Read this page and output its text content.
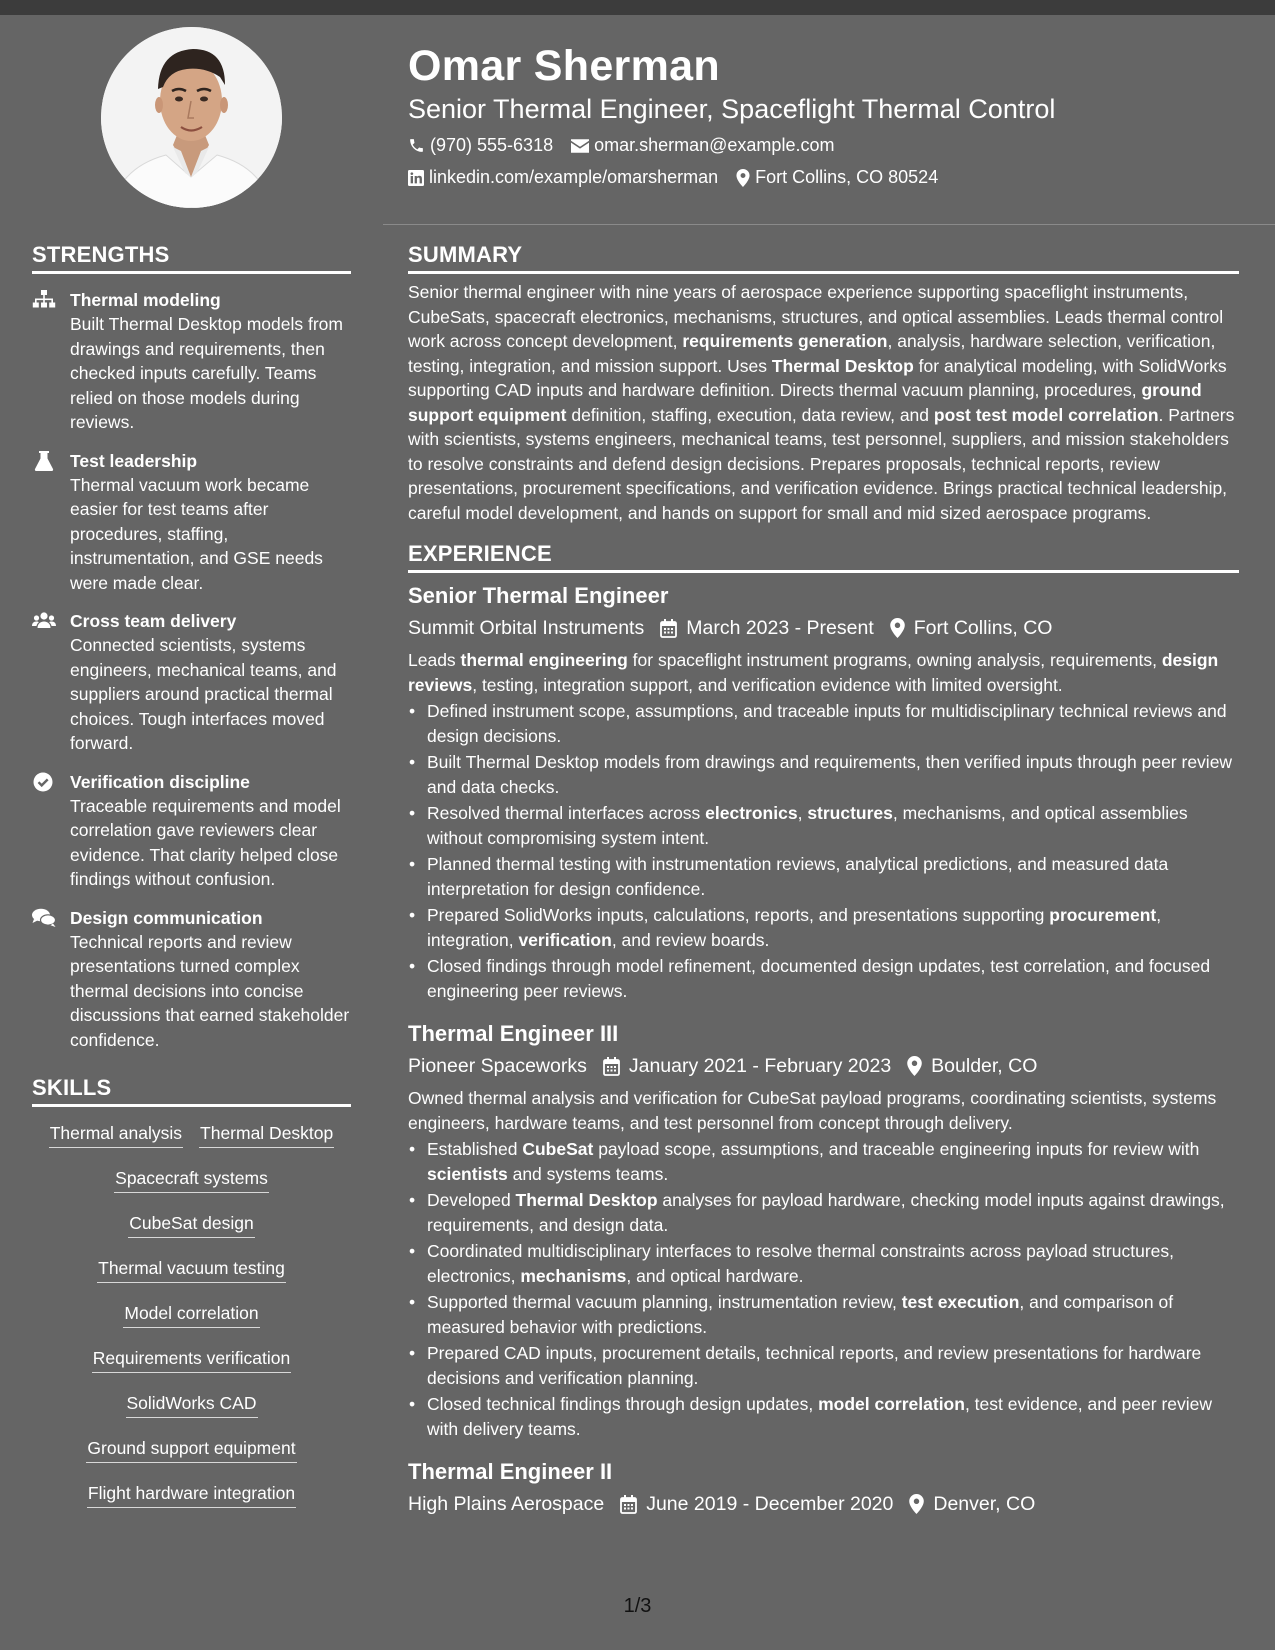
Omar Sherman
Senior Thermal Engineer, Spaceflight Thermal Control
(970) 555-6318 omar.sherman@example.com
linkedin.com/example/omarsherman Fort Collins, CO 80524
STRENGTHS
Thermal modeling
Built Thermal Desktop models from drawings and requirements, then checked inputs carefully. Teams relied on those models during reviews.
Test leadership
Thermal vacuum work became easier for test teams after procedures, staffing, instrumentation, and GSE needs were made clear.
Cross team delivery
Connected scientists, systems engineers, mechanical teams, and suppliers around practical thermal choices. Tough interfaces moved forward.
Verification discipline
Traceable requirements and model correlation gave reviewers clear evidence. That clarity helped close findings without confusion.
Design communication
Technical reports and review presentations turned complex thermal decisions into concise discussions that earned stakeholder confidence.
SKILLS
Thermal analysis Thermal Desktop
Spacecraft systems
CubeSat design
Thermal vacuum testing
Model correlation
Requirements verification
SolidWorks CAD
Ground support equipment
Flight hardware integration
SUMMARY
Senior thermal engineer with nine years of aerospace experience supporting spaceflight instruments, CubeSats, spacecraft electronics, mechanisms, structures, and optical assemblies. Leads thermal control work across concept development, requirements generation, analysis, hardware selection, verification, testing, integration, and mission support. Uses Thermal Desktop for analytical modeling, with SolidWorks supporting CAD inputs and hardware definition. Directs thermal vacuum planning, procedures, ground support equipment definition, staffing, execution, data review, and post test model correlation. Partners with scientists, systems engineers, mechanical teams, test personnel, suppliers, and mission stakeholders to resolve constraints and defend design decisions. Prepares proposals, technical reports, review presentations, procurement specifications, and verification evidence. Brings practical technical leadership, careful model development, and hands on support for small and mid sized aerospace programs.
EXPERIENCE
Senior Thermal Engineer
Summit Orbital Instruments March 2023 - Present Fort Collins, CO
Leads thermal engineering for spaceflight instrument programs, owning analysis, requirements, design reviews, testing, integration support, and verification evidence with limited oversight.
• Defined instrument scope, assumptions, and traceable inputs for multidisciplinary technical reviews and design decisions.
• Built Thermal Desktop models from drawings and requirements, then verified inputs through peer review and data checks.
• Resolved thermal interfaces across electronics, structures, mechanisms, and optical assemblies without compromising system intent.
• Planned thermal testing with instrumentation reviews, analytical predictions, and measured data interpretation for design confidence.
• Prepared SolidWorks inputs, calculations, reports, and presentations supporting procurement, integration, verification, and review boards.
• Closed findings through model refinement, documented design updates, test correlation, and focused engineering peer reviews.
Thermal Engineer III
Pioneer Spaceworks January 2021 - February 2023 Boulder, CO
Owned thermal analysis and verification for CubeSat payload programs, coordinating scientists, systems engineers, hardware teams, and test personnel from concept through delivery.
• Established CubeSat payload scope, assumptions, and traceable engineering inputs for review with scientists and systems teams.
• Developed Thermal Desktop analyses for payload hardware, checking model inputs against drawings, requirements, and design data.
• Coordinated multidisciplinary interfaces to resolve thermal constraints across payload structures, electronics, mechanisms, and optical hardware.
• Supported thermal vacuum planning, instrumentation review, test execution, and comparison of measured behavior with predictions.
• Prepared CAD inputs, procurement details, technical reports, and review presentations for hardware decisions and verification planning.
• Closed technical findings through design updates, model correlation, test evidence, and peer review with delivery teams.
Thermal Engineer II
High Plains Aerospace June 2019 - December 2020 Denver, CO
1/3
